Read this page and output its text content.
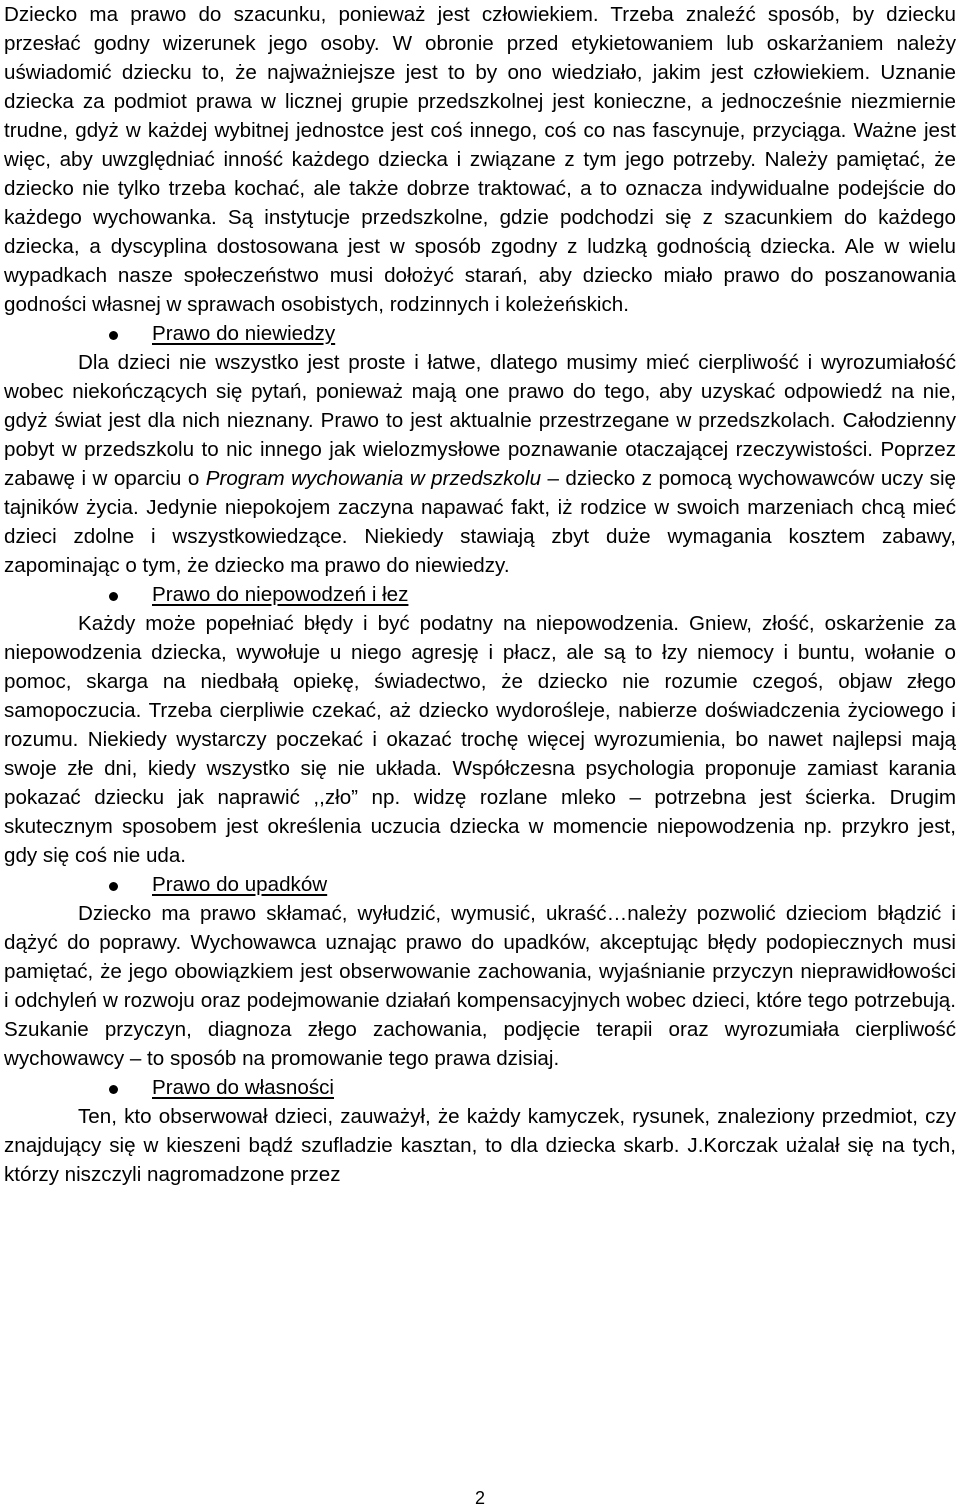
Dziecko ma prawo do szacunku, ponieważ jest człowiekiem. Trzeba znaleźć sposób, by dziecku przesłać godny wizerunek jego osoby. W obronie przed etykietowaniem lub oskarżaniem należy uświadomić dziecku to, że najważniejsze jest to by ono wiedziało, jakim jest człowiekiem. Uznanie dziecka za podmiot prawa w licznej grupie przedszkolnej jest konieczne, a jednocześnie niezmiernie trudne, gdyż w każdej wybitnej jednostce jest coś innego, coś co nas fascynuje, przyciąga. Ważne jest więc, aby uwzględniać inność każdego dziecka i związane z tym jego potrzeby. Należy pamiętać, że dziecko nie tylko trzeba kochać, ale także dobrze traktować, a to oznacza indywidualne podejście do każdego wychowanka. Są instytucje przedszkolne, gdzie podchodzi się z szacunkiem do każdego dziecka, a dyscyplina dostosowana jest w sposób zgodny z ludzką godnością dziecka. Ale w wielu wypadkach nasze społeczeństwo musi dołożyć starań, aby dziecko miało prawo do poszanowania godności własnej w sprawach osobistych, rodzinnych i koleżeńskich.

Prawo do niewiedzy

Dla dzieci nie wszystko jest proste i łatwe, dlatego musimy mieć cierpliwość i wyrozumiałość wobec niekończących się pytań, ponieważ mają one prawo do tego, aby uzyskać odpowiedź na nie, gdyż świat jest dla nich nieznany. Prawo to jest aktualnie przestrzegane w przedszkolach. Całodzienny pobyt w przedszkolu to nic innego jak wielozmysłowe poznawanie otaczającej rzeczywistości. Poprzez zabawę i w oparciu o Program wychowania w przedszkolu – dziecko z pomocą wychowawców uczy się tajników życia. Jedynie niepokojem zaczyna napawać fakt, iż rodzice w swoich marzeniach chcą mieć dzieci zdolne i wszystkowiedzące. Niekiedy stawiają zbyt duże wymagania kosztem zabawy, zapominając o tym, że dziecko ma prawo do niewiedzy.

Prawo do niepowodzeń i łez

Każdy może popełniać błędy i być podatny na niepowodzenia. Gniew, złość, oskarżenie za niepowodzenia dziecka, wywołuje u niego agresję i płacz, ale są to łzy niemocy i buntu, wołanie o pomoc, skarga na niedbałą opiekę, świadectwo, że dziecko nie rozumie czegoś, objaw złego samopoczucia. Trzeba cierpliwie czekać, aż dziecko wydorośleje, nabierze doświadczenia życiowego i rozumu. Niekiedy wystarczy poczekać i okazać trochę więcej wyrozumienia, bo nawet najlepsi mają swoje złe dni, kiedy wszystko się nie układa. Współczesna psychologia proponuje zamiast karania pokazać dziecku jak naprawić ,,zło” np. widzę rozlane mleko – potrzebna jest ścierka. Drugim skutecznym sposobem jest określenia uczucia dziecka w momencie niepowodzenia np. przykro jest, gdy się coś nie uda.

Prawo do upadków

Dziecko ma prawo skłamać, wyłudzić, wymusić, ukraść…należy pozwolić dzieciom błądzić i dążyć do poprawy. Wychowawca uznając prawo do upadków, akceptując błędy podopiecznych musi pamiętać, że jego obowiązkiem jest obserwowanie zachowania, wyjaśnianie przyczyn nieprawidłowości i odchyleń w rozwoju oraz podejmowanie działań kompensacyjnych wobec dzieci, które tego potrzebują. Szukanie przyczyn, diagnoza złego zachowania, podjęcie terapii oraz wyrozumiała cierpliwość wychowawcy – to sposób na promowanie tego prawa dzisiaj.

Prawo do własności

Ten, kto obserwował dzieci, zauważył, że każdy kamyczek, rysunek, znaleziony przedmiot, czy znajdujący się w kieszeni bądź szufladzie kasztan, to dla dziecka skarb. J.Korczak użalał się na tych, którzy niszczyli nagromadzone przez

2
